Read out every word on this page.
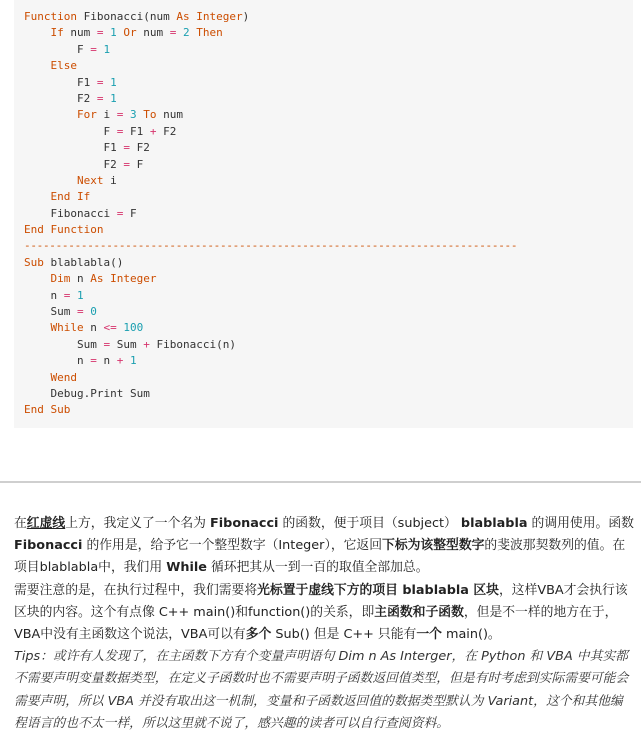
Function Fibonacci(num As Integer)
If num = 1 Or num = 2 Then
F = 1
Else
F1 = 1
F2 = 1
For i = 3 To num
F = F1 + F2
F1 = F2
F2 = F
Next i
End If
Fibonacci = F
End Function
------------------------------------------------------------------------------
Sub blablabla()
Dim n As Integer
n = 1
Sum = 0
While n <= 100
Sum = Sum + Fibonacci(n)
n = n + 1
Wend
Debug.Print Sum
End Sub

在红虚线上方，我定义了一个名为 Fibonacci 的函数，便于项目（subject） blablabla 的调用使用。函数 Fibonacci 的作用是，给予它一个整型数字（Integer），它返回下标为该整型数字的斐波那契数列的值。在项目blablabla中，我们用 While 循环把其从一到一百的取值全部加总。

需要注意的是，在执行过程中，我们需要将光标置于虚线下方的项目 blablabla 区块，这样VBA才会执行该区块的内容。这个有点像 C++ main()和function()的关系，即主函数和子函数，但是不一样的地方在于，VBA中没有主函数这个说法，VBA可以有多个 Sub() 但是 C++ 只能有一个 main()。

Tips：或许有人发现了，在主函数下方有个变量声明语句 Dim n As Interger，在 Python 和 VBA 中其实都不需要声明变量数据类型，在定义子函数时也不需要声明子函数返回值类型，但是有时考虑到实际需要可能会需要声明，所以 VBA 并没有取出这一机制，变量和子函数返回值的数据类型默认为 Variant，这个和其他编程语言的也不太一样，所以这里就不说了，感兴趣的读者可以自行查阅资料。
